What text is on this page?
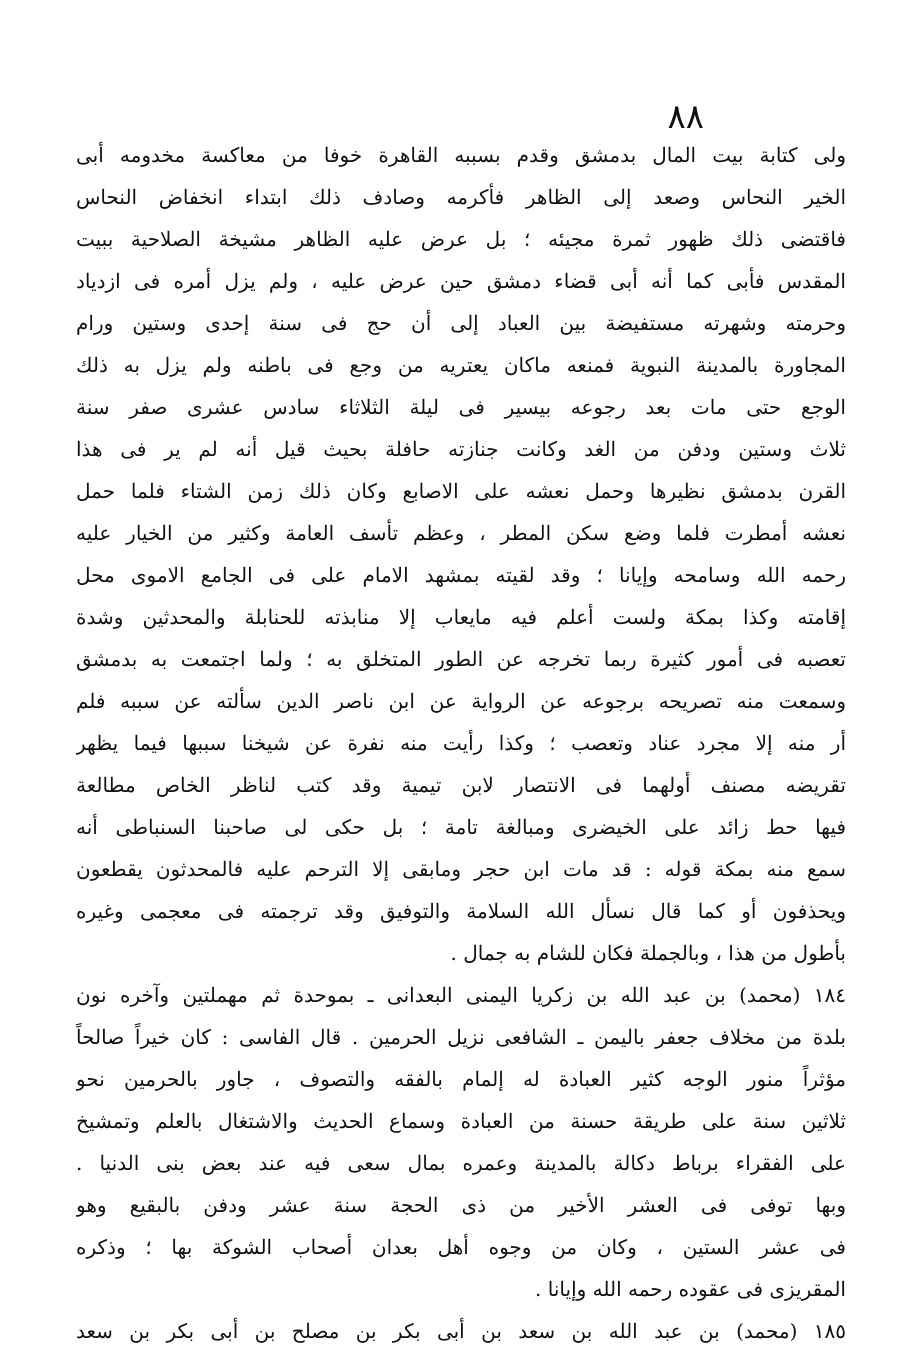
٨٨
ولى كتابة بيت المال بدمشق وقدم بسببه القاهرة خوفا من معاكسة مخدومه أبى
الخير النحاس وصعد إلى الظاهر فأكرمه وصادف ذلك ابتداء انخفاض النحاس
فاقتضى ذلك ظهور ثمرة مجيئه ؛ بل عرض عليه الظاهر مشيخة الصلاحية ببيت
المقدس فأبى كما أنه أبى قضاء دمشق حين عرض عليه ، ولم يزل أمره فى ازدياد
وحرمته وشهرته مستفيضة بين العباد إلى أن حج فى سنة إحدى وستين ورام
المجاورة بالمدينة النبوية فمنعه ماكان يعتريه من وجع فى باطنه ولم يزل به ذلك
الوجع حتى مات بعد رجوعه بيسير فى ليلة الثلاثاء سادس عشرى صفر سنة
ثلاث وستين ودفن من الغد وكانت جنازته حافلة بحيث قيل أنه لم ير فى هذا
القرن بدمشق نظيرها وحمل نعشه على الاصابع وكان ذلك زمن الشتاء فلما حمل
نعشه أمطرت فلما وضع سكن المطر ، وعظم تأسف العامة وكثير من الخيار عليه
رحمه الله وسامحه وإيانا ؛ وقد لقيته بمشهد الامام على فى الجامع الاموى محل
إقامته وكذا بمكة ولست أعلم فيه مايعاب إلا منابذته للحنابلة والمحدثين وشدة
تعصبه فى أمور كثيرة ربما تخرجه عن الطور المتخلق به ؛ ولما اجتمعت به بدمشق
وسمعت منه تصريحه برجوعه عن الرواية عن ابن ناصر الدين سألته عن سببه فلم
أر منه إلا مجرد عناد وتعصب ؛ وكذا رأيت منه نفرة عن شيخنا سببها فيما يظهر
تقريضه مصنف أولهما فى الانتصار لابن تيمية وقد كتب لناظر الخاص مطالعة
فيها حط زائد على الخيضرى ومبالغة تامة ؛ بل حكى لى صاحبنا السنباطى أنه
سمع منه بمكة قوله : قد مات ابن حجر ومابقى إلا الترحم عليه فالمحدثون يقطعون
ويحذفون أو كما قال نسأل الله السلامة والتوفيق وقد ترجمته فى معجمى وغيره
بأطول من هذا ، وبالجملة فكان للشام به جمال .
١٨٤ (محمد) بن عبد الله بن زكريا اليمنى البعدانى ـ بموحدة ثم مهملتين وآخره نون
بلدة من مخلاف جعفر باليمن ـ الشافعى نزيل الحرمين . قال الفاسى : كان خيراً صالحاً
مؤثراً منور الوجه كثير العبادة له إلمام بالفقه والتصوف ، جاور بالحرمين نحو
ثلاثين سنة على طريقة حسنة من العبادة وسماع الحديث والاشتغال بالعلم وتمشيخ
على الفقراء برباط دكالة بالمدينة وعمره بمال سعى فيه عند بعض بنى الدنيا .
وبها توفى فى العشر الأخير من ذى الحجة سنة عشر ودفن بالبقيع وهو
فى عشر الستين ، وكان من وجوه أهل بعدان أصحاب الشوكة بها ؛ وذكره
المقريزى فى عقوده رحمه الله وإيانا .
١٨٥ (محمد) بن عبد الله بن سعد بن أبى بكر بن مصلح بن أبى بكر بن سعد
